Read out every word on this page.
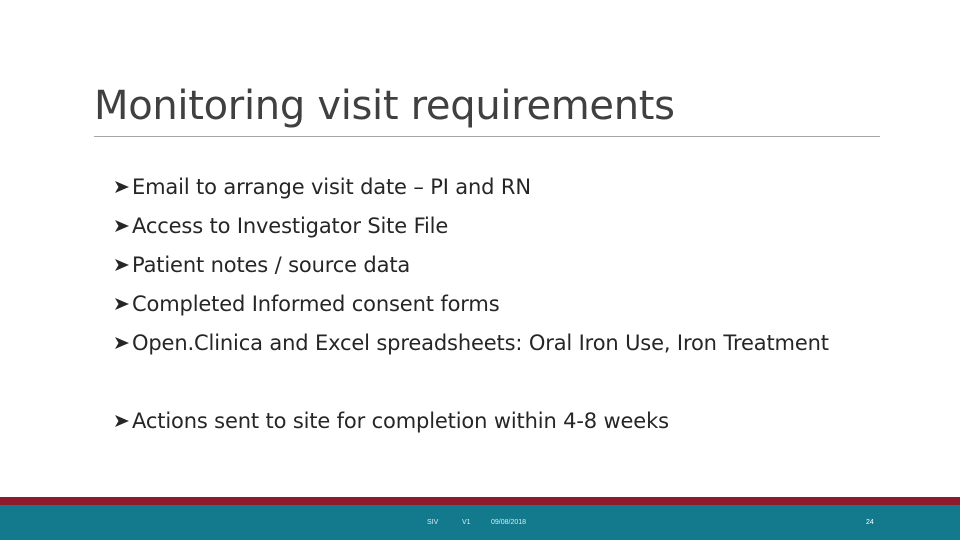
Monitoring visit requirements
Email to arrange visit date – PI and RN
Access to Investigator Site File
Patient notes / source data
Completed Informed consent forms
Open.Clinica and Excel spreadsheets: Oral Iron Use, Iron Treatment
Actions sent to site for completion within 4-8 weeks
SIV	V1	09/08/2018	24
